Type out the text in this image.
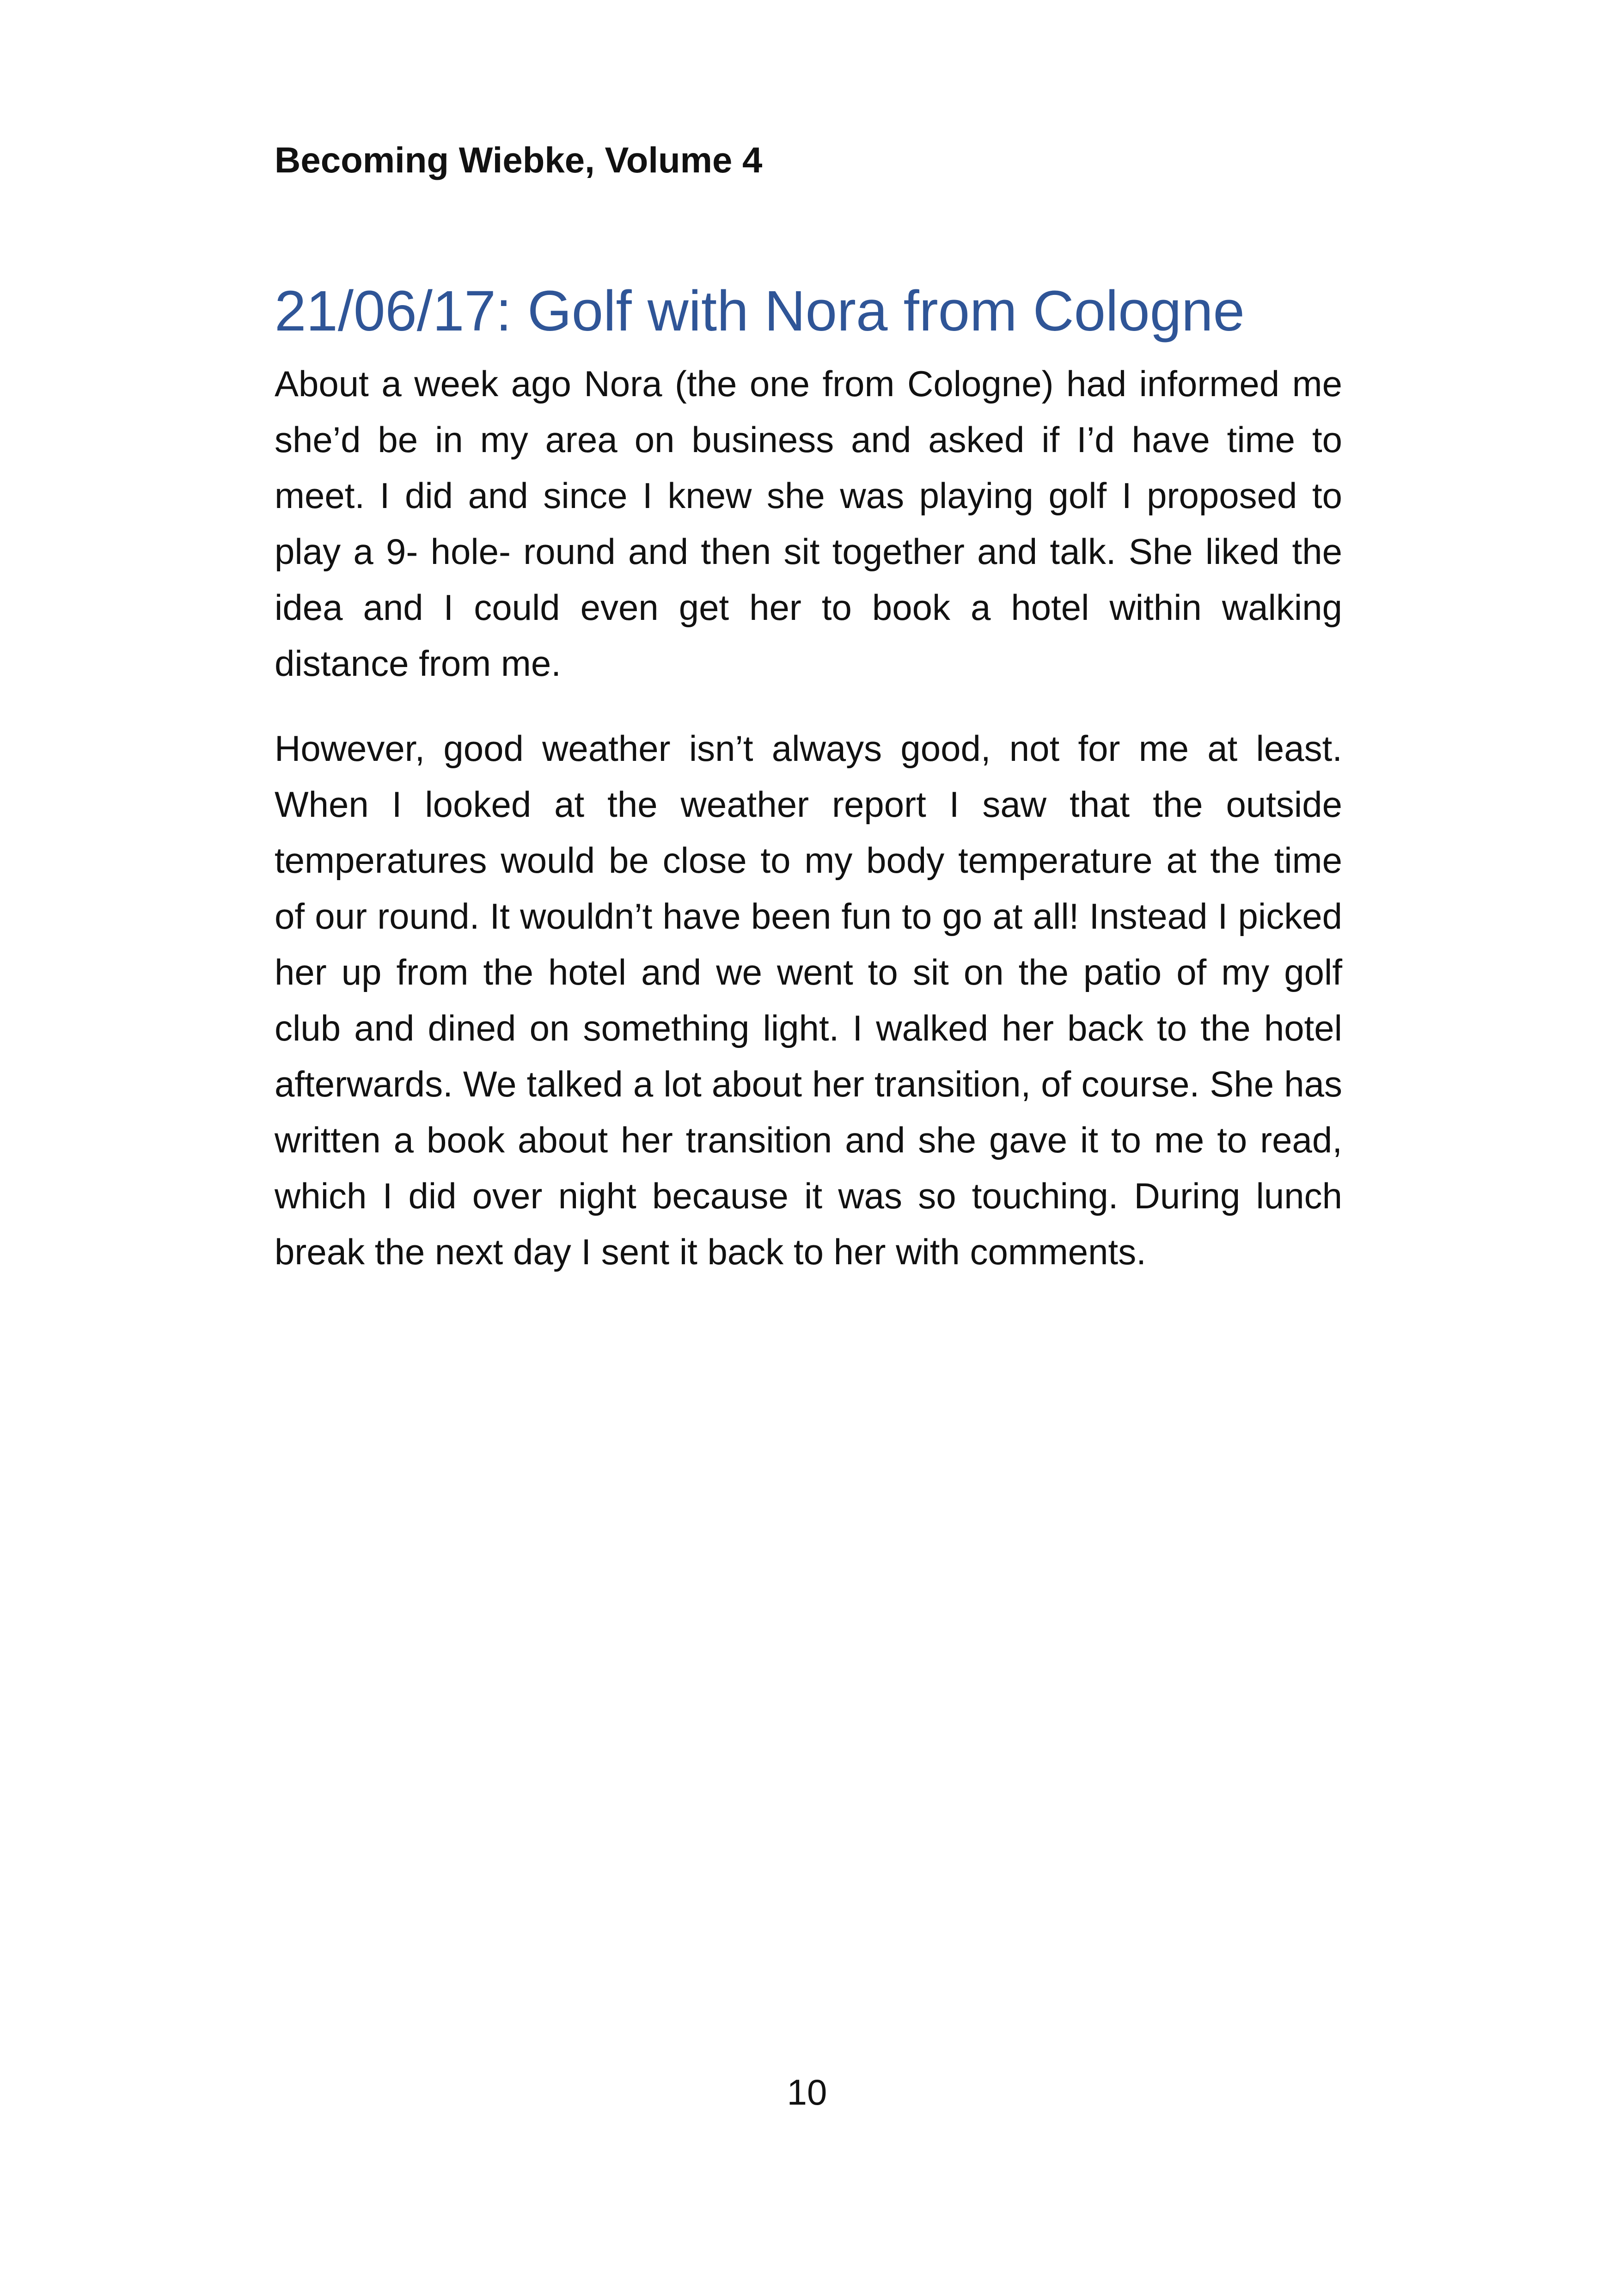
Becoming Wiebke, Volume 4
21/06/17: Golf with Nora from Cologne

About a week ago Nora (the one from Cologne) had informed me she’d be in my area on business and asked if I’d have time to meet. I did and since I knew she was playing golf I proposed to play a 9- hole- round and then sit together and talk. She liked the idea and I could even get her to book a hotel within walking distance from me.

However, good weather isn’t always good, not for me at least. When I looked at the weather report I saw that the outside temperatures would be close to my body temperature at the time of our round. It wouldn’t have been fun to go at all! Instead I picked her up from the hotel and we went to sit on the patio of my golf club and dined on something light. I walked her back to the hotel afterwards. We talked a lot about her transition, of course. She has written a book about her transition and she gave it to me to read, which I did over night because it was so touching. During lunch break the next day I sent it back to her with comments.

10
